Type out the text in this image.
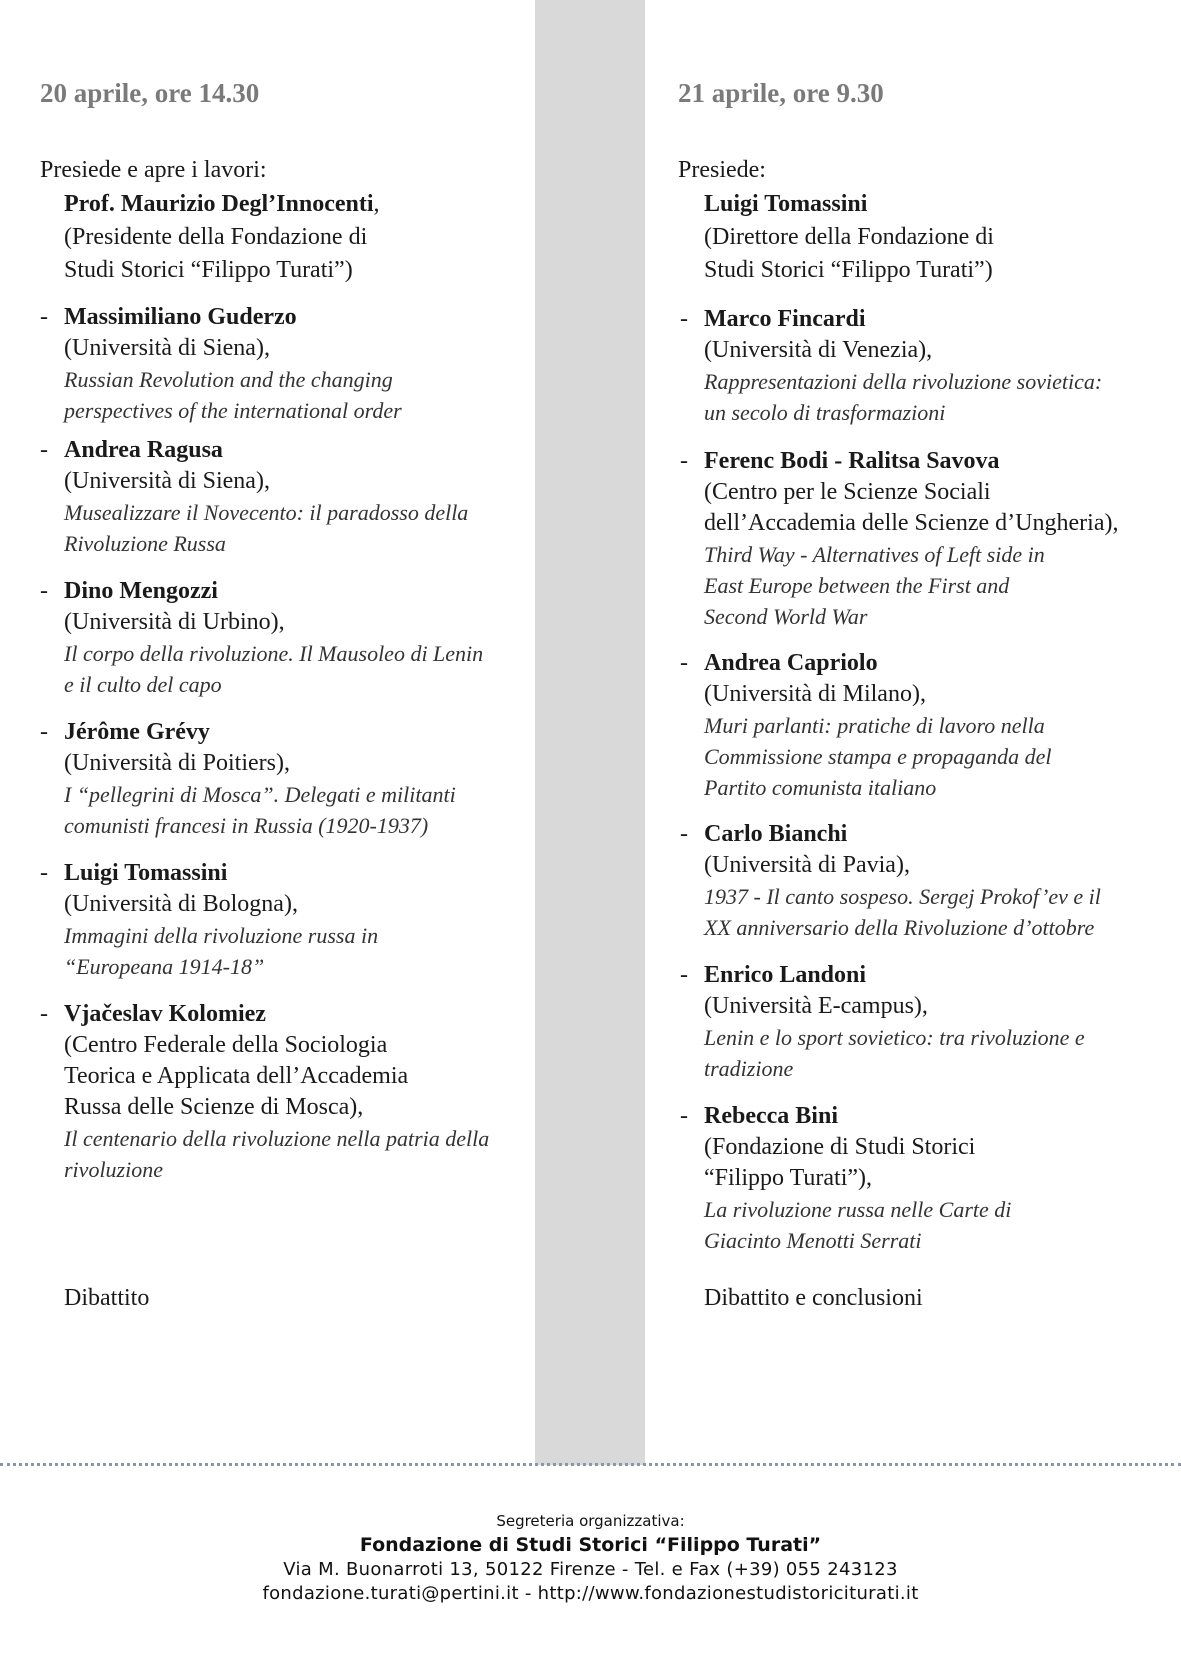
20 aprile, ore 14.30
Presiede e apre i lavori:
Prof. Maurizio Degl’Innocenti,
(Presidente della Fondazione di
Studi Storici “Filippo Turati”)
- Massimiliano Guderzo
(Università di Siena),
Russian Revolution and the changing
perspectives of the international order
- Andrea Ragusa
(Università di Siena),
Musealizzare il Novecento: il paradosso della
Rivoluzione Russa
- Dino Mengozzi
(Università di Urbino),
Il corpo della rivoluzione. Il Mausoleo di Lenin
e il culto del capo
- Jérôme Grévy
(Università di Poitiers),
I “pellegrini di Mosca”. Delegati e militanti
comunisti francesi in Russia (1920-1937)
- Luigi Tomassini
(Università di Bologna),
Immagini della rivoluzione russa in
“Europeana 1914-18”
- Vjačeslav Kolomiez
(Centro Federale della Sociologia
Teorica e Applicata dell’Accademia
Russa delle Scienze di Mosca),
Il centenario della rivoluzione nella patria della
rivoluzione
Dibattito
21 aprile, ore 9.30
Presiede:
Luigi Tomassini
(Direttore della Fondazione di
Studi Storici “Filippo Turati”)
- Marco Fincardi
(Università di Venezia),
Rappresentazioni della rivoluzione sovietica:
un secolo di trasformazioni
- Ferenc Bodi - Ralitsa Savova
(Centro per le Scienze Sociali
dell’Accademia delle Scienze d’Ungheria),
Third Way - Alternatives of Left side in
East Europe between the First and
Second World War
- Andrea Capriolo
(Università di Milano),
Muri parlanti: pratiche di lavoro nella
Commissione stampa e propaganda del
Partito comunista italiano
- Carlo Bianchi
(Università di Pavia),
1937 - Il canto sospeso. Sergej Prokof’ev e il
XX anniversario della Rivoluzione d’ottobre
- Enrico Landoni
(Università E-campus),
Lenin e lo sport sovietico: tra rivoluzione e
tradizione
- Rebecca Bini
(Fondazione di Studi Storici
“Filippo Turati”),
La rivoluzione russa nelle Carte di
Giacinto Menotti Serrati
Dibattito e conclusioni
Segreteria organizzativa:
Fondazione di Studi Storici “Filippo Turati”
Via M. Buonarroti 13, 50122 Firenze - Tel. e Fax (+39) 055 243123
fondazione.turati@pertini.it - http://www.fondazionestudistoriciturati.it
